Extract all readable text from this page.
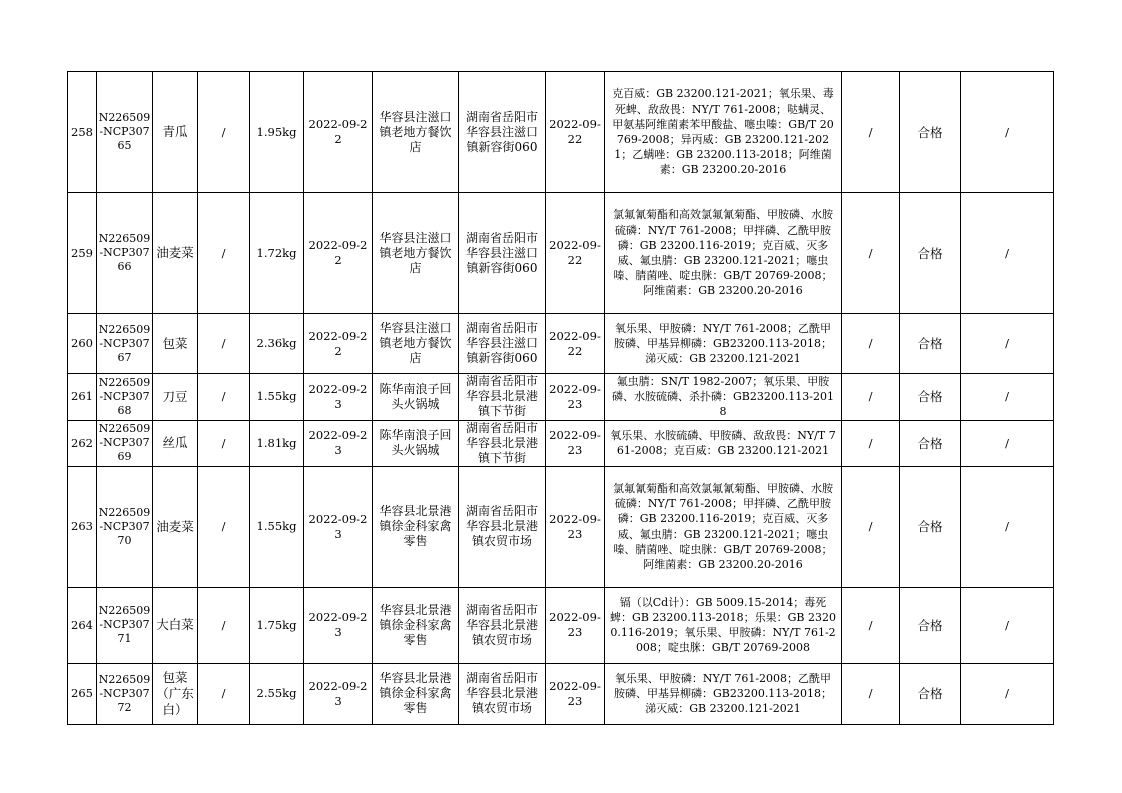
258	N226509-NCP30765	青瓜	/	1.95kg	2022-09-22	华容县注滋口镇老地方餐饮店	湖南省岳阳市华容县注滋口镇新容街060	2022-09-22	克百威：GB 23200.121-2021；氧乐果、毒死蜱、敌敌畏：NY/T 761-2008；哒螨灵、甲氨基阿维菌素苯甲酸盐、噻虫嗪：GB/T 20769-2008；异丙威：GB 23200.121-2021；乙螨唑：GB 23200.113-2018；阿维菌素：GB 23200.20-2016	/	合格	/
259	N226509-NCP30766	油麦菜	/	1.72kg	2022-09-22	华容县注滋口镇老地方餐饮店	湖南省岳阳市华容县注滋口镇新容街060	2022-09-22	氯氟氰菊酯和高效氯氟氰菊酯、甲胺磷、水胺硫磷：NY/T 761-2008；甲拌磷、乙酰甲胺磷：GB 23200.116-2019；克百威、灭多威、氟虫腈：GB 23200.121-2021；噻虫嗪、腈菌唑、啶虫脒：GB/T 20769-2008；阿维菌素：GB 23200.20-2016	/	合格	/
260	N226509-NCP30767	包菜	/	2.36kg	2022-09-22	华容县注滋口镇老地方餐饮店	湖南省岳阳市华容县注滋口镇新容街060	2022-09-22	氧乐果、甲胺磷：NY/T 761-2008；乙酰甲胺磷、甲基异柳磷：GB23200.113-2018；涕灭威：GB 23200.121-2021	/	合格	/
261	N226509-NCP30768	刀豆	/	1.55kg	2022-09-23	陈华南浪子回头火锅城	湖南省岳阳市华容县北景港镇下节街	2022-09-23	氟虫腈：SN/T 1982-2007；氧乐果、甲胺磷、水胺硫磷、杀扑磷：GB23200.113-2018	/	合格	/
262	N226509-NCP30769	丝瓜	/	1.81kg	2022-09-23	陈华南浪子回头火锅城	湖南省岳阳市华容县北景港镇下节街	2022-09-23	氧乐果、水胺硫磷、甲胺磷、敌敌畏：NY/T 761-2008；克百威：GB 23200.121-2021	/	合格	/
263	N226509-NCP30770	油麦菜	/	1.55kg	2022-09-23	华容县北景港镇徐金科家禽零售	湖南省岳阳市华容县北景港镇农贸市场	2022-09-23	氯氟氰菊酯和高效氯氟氰菊酯、甲胺磷、水胺硫磷：NY/T 761-2008；甲拌磷、乙酰甲胺磷：GB 23200.116-2019；克百威、灭多威、氟虫腈：GB 23200.121-2021；噻虫嗪、腈菌唑、啶虫脒：GB/T 20769-2008；阿维菌素：GB 23200.20-2016	/	合格	/
264	N226509-NCP30771	大白菜	/	1.75kg	2022-09-23	华容县北景港镇徐金科家禽零售	湖南省岳阳市华容县北景港镇农贸市场	2022-09-23	镉（以Cd计）：GB 5009.15-2014；毒死蜱：GB 23200.113-2018；乐果：GB 23200.116-2019；氧乐果、甲胺磷：NY/T 761-2008；啶虫脒：GB/T 20769-2008	/	合格	/
265	N226509-NCP30772	包菜（广东白）	/	2.55kg	2022-09-23	华容县北景港镇徐金科家禽零售	湖南省岳阳市华容县北景港镇农贸市场	2022-09-23	氧乐果、甲胺磷：NY/T 761-2008；乙酰甲胺磷、甲基异柳磷：GB23200.113-2018；涕灭威：GB 23200.121-2021	/	合格	/
